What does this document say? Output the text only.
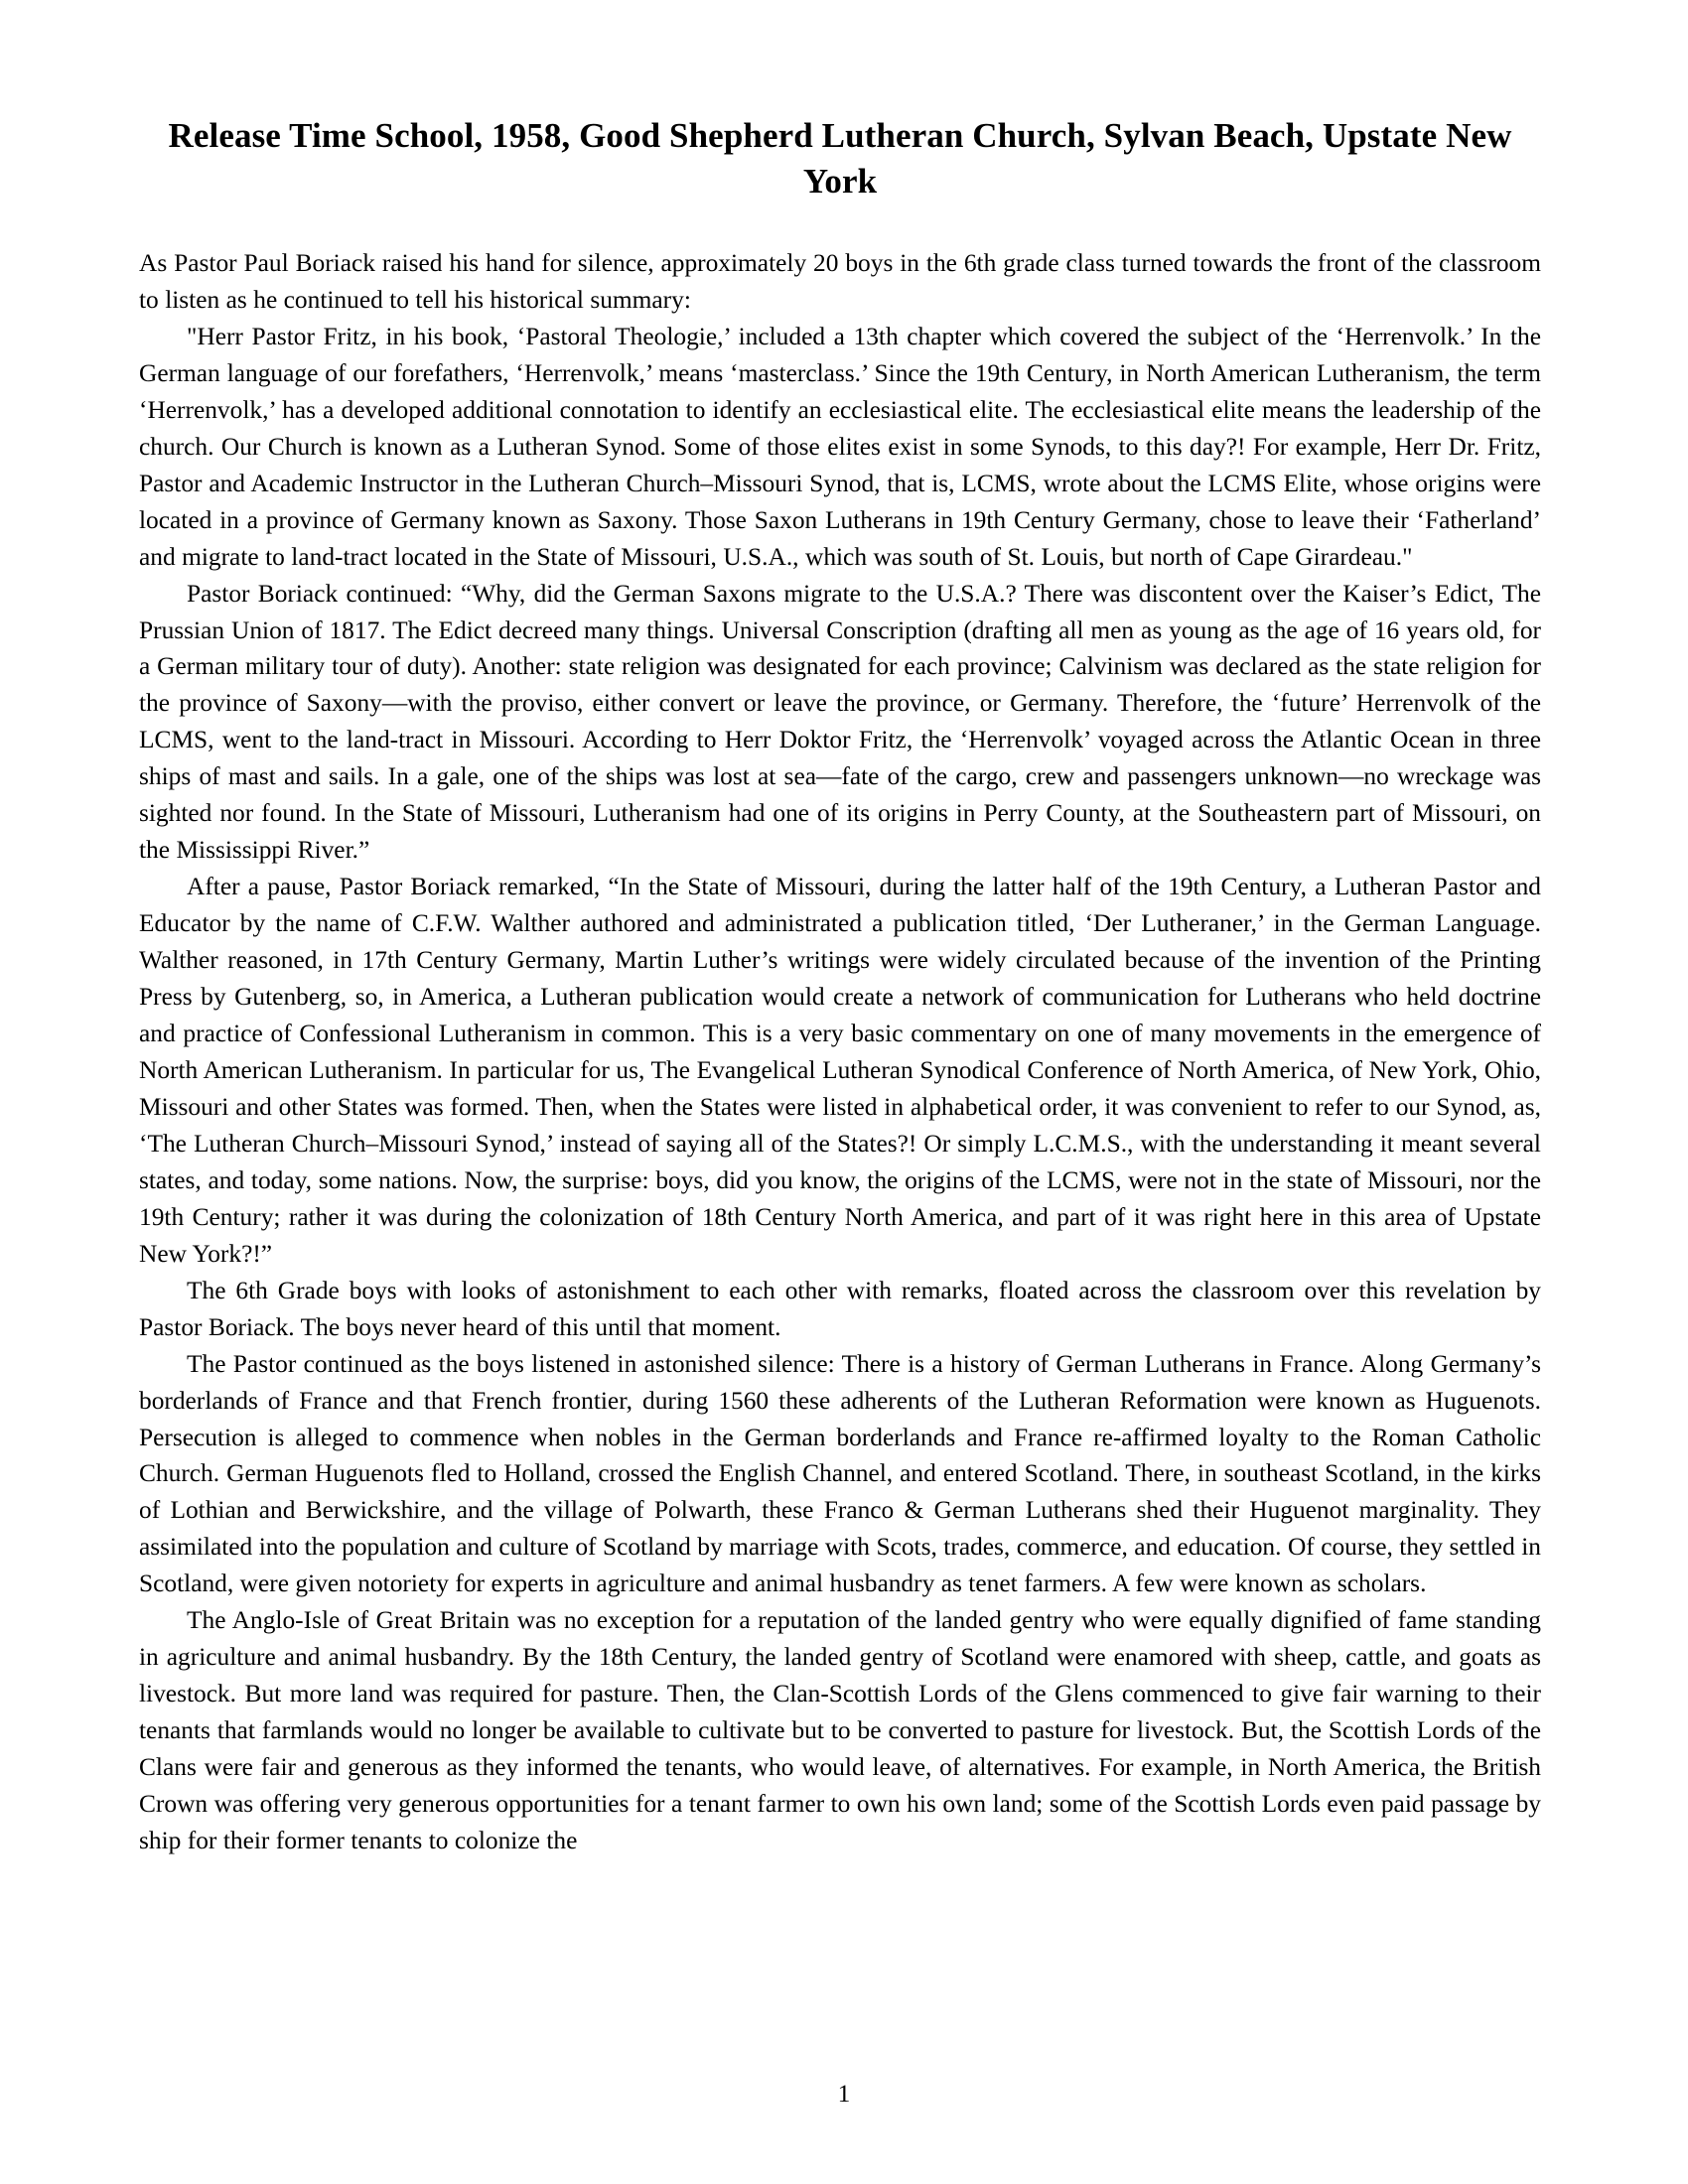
Release Time School, 1958, Good Shepherd Lutheran Church, Sylvan Beach, Upstate New York

As Pastor Paul Boriack raised his hand for silence, approximately 20 boys in the 6th grade class turned towards the front of the classroom to listen as he continued to tell his historical summary:

"Herr Pastor Fritz, in his book, ‘Pastoral Theologie,’ included a 13th chapter which covered the subject of the ‘Herrenvolk.’ In the German language of our forefathers, ‘Herrenvolk,’ means ‘masterclass.’ Since the 19th Century, in North American Lutheranism, the term ‘Herrenvolk,’ has a developed additional connotation to identify an ecclesiastical elite. The ecclesiastical elite means the leadership of the church. Our Church is known as a Lutheran Synod. Some of those elites exist in some Synods, to this day?! For example, Herr Dr. Fritz, Pastor and Academic Instructor in the Lutheran Church–Missouri Synod, that is, LCMS, wrote about the LCMS Elite, whose origins were located in a province of Germany known as Saxony. Those Saxon Lutherans in 19th Century Germany, chose to leave their ‘Fatherland’ and migrate to land-tract located in the State of Missouri, U.S.A., which was south of St. Louis, but north of Cape Girardeau."

Pastor Boriack continued: “Why, did the German Saxons migrate to the U.S.A.? There was discontent over the Kaiser’s Edict, The Prussian Union of 1817. The Edict decreed many things. Universal Conscription (drafting all men as young as the age of 16 years old, for a German military tour of duty). Another: state religion was designated for each province; Calvinism was declared as the state religion for the province of Saxony—with the proviso, either convert or leave the province, or Germany. Therefore, the ‘future’ Herrenvolk of the LCMS, went to the land-tract in Missouri. According to Herr Doktor Fritz, the ‘Herrenvolk’ voyaged across the Atlantic Ocean in three ships of mast and sails. In a gale, one of the ships was lost at sea—fate of the cargo, crew and passengers unknown—no wreckage was sighted nor found. In the State of Missouri, Lutheranism had one of its origins in Perry County, at the Southeastern part of Missouri, on the Mississippi River.”

After a pause, Pastor Boriack remarked, “In the State of Missouri, during the latter half of the 19th Century, a Lutheran Pastor and Educator by the name of C.F.W. Walther authored and administrated a publication titled, ‘Der Lutheraner,’ in the German Language. Walther reasoned, in 17th Century Germany, Martin Luther’s writings were widely circulated because of the invention of the Printing Press by Gutenberg, so, in America, a Lutheran publication would create a network of communication for Lutherans who held doctrine and practice of Confessional Lutheranism in common. This is a very basic commentary on one of many movements in the emergence of North American Lutheranism. In particular for us, The Evangelical Lutheran Synodical Conference of North America, of New York, Ohio, Missouri and other States was formed. Then, when the States were listed in alphabetical order, it was convenient to refer to our Synod, as, ‘The Lutheran Church–Missouri Synod,’ instead of saying all of the States?! Or simply L.C.M.S., with the understanding it meant several states, and today, some nations. Now, the surprise: boys, did you know, the origins of the LCMS, were not in the state of Missouri, nor the 19th Century; rather it was during the colonization of 18th Century North America, and part of it was right here in this area of Upstate New York?!”

The 6th Grade boys with looks of astonishment to each other with remarks, floated across the classroom over this revelation by Pastor Boriack. The boys never heard of this until that moment.

The Pastor continued as the boys listened in astonished silence: There is a history of German Lutherans in France. Along Germany’s borderlands of France and that French frontier, during 1560 these adherents of the Lutheran Reformation were known as Huguenots. Persecution is alleged to commence when nobles in the German borderlands and France re-affirmed loyalty to the Roman Catholic Church. German Huguenots fled to Holland, crossed the English Channel, and entered Scotland. There, in southeast Scotland, in the kirks of Lothian and Berwickshire, and the village of Polwarth, these Franco & German Lutherans shed their Huguenot marginality. They assimilated into the population and culture of Scotland by marriage with Scots, trades, commerce, and education. Of course, they settled in Scotland, were given notoriety for experts in agriculture and animal husbandry as tenet farmers. A few were known as scholars.

The Anglo-Isle of Great Britain was no exception for a reputation of the landed gentry who were equally dignified of fame standing in agriculture and animal husbandry. By the 18th Century, the landed gentry of Scotland were enamored with sheep, cattle, and goats as livestock. But more land was required for pasture. Then, the Clan-Scottish Lords of the Glens commenced to give fair warning to their tenants that farmlands would no longer be available to cultivate but to be converted to pasture for livestock. But, the Scottish Lords of the Clans were fair and generous as they informed the tenants, who would leave, of alternatives. For example, in North America, the British Crown was offering very generous opportunities for a tenant farmer to own his own land; some of the Scottish Lords even paid passage by ship for their former tenants to colonize the

1
